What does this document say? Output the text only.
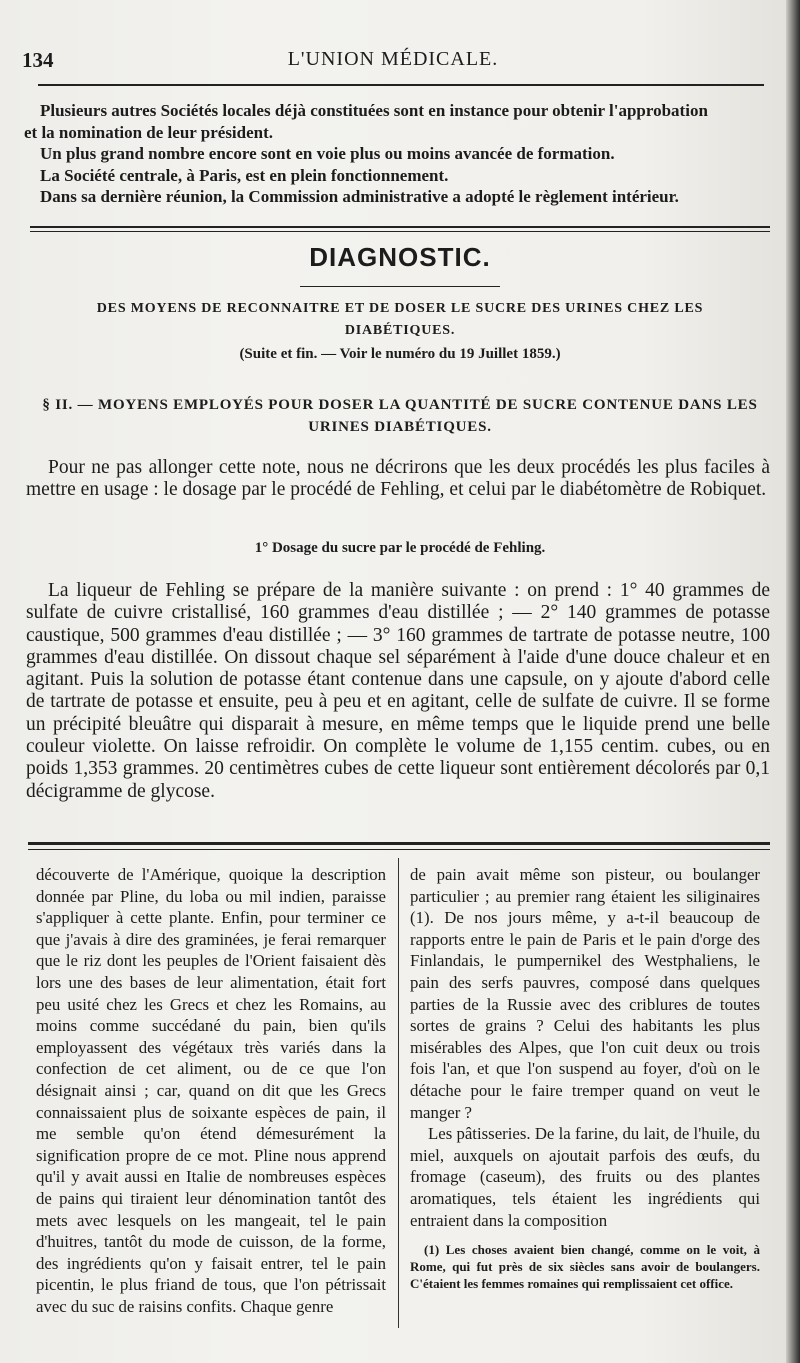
134	L'UNION MÉDICALE.

Plusieurs autres Sociétés locales déjà constituées sont en instance pour obtenir l'approbation

et la nomination de leur président.

Un plus grand nombre encore sont en voie plus ou moins avancée de formation.

La Société centrale, à Paris, est en plein fonctionnement.

Dans sa dernière réunion, la Commission administrative a adopté le règlement intérieur.

DIAGNOSTIC.
DES MOYENS DE RECONNAITRE ET DE DOSER LE SUCRE DES URINES CHEZ LES
DIABÉTIQUES.
(Suite et fin. — Voir le numéro du 19 Juillet 1859.)
§ II. — MOYENS EMPLOYÉS POUR DOSER LA QUANTITÉ DE SUCRE CONTENUE DANS LES
URINES DIABÉTIQUES.

Pour ne pas allonger cette note, nous ne décrirons que les deux procédés les plus faciles à mettre en usage : le dosage par le procédé de Fehling, et celui par le diabétomètre de Robiquet.

1° Dosage du sucre par le procédé de Fehling.

La liqueur de Fehling se prépare de la manière suivante : on prend : 1° 40 grammes de sulfate de cuivre cristallisé, 160 grammes d'eau distillée ; — 2° 140 grammes de potasse caustique, 500 grammes d'eau distillée ; — 3° 160 grammes de tartrate de potasse neutre, 100 grammes d'eau distillée. On dissout chaque sel séparément à l'aide d'une douce chaleur et en agitant. Puis la solution de potasse étant contenue dans une capsule, on y ajoute d'abord celle de tartrate de potasse et ensuite, peu à peu et en agitant, celle de sulfate de cuivre. Il se forme un précipité bleuâtre qui disparait à mesure, en même temps que le liquide prend une belle couleur violette. On laisse refroidir. On complète le volume de 1,155 centim. cubes, ou en poids 1,353 grammes. 20 centimètres cubes de cette liqueur sont entièrement décolorés par 0,1 décigramme de glycose.

découverte de l'Amérique, quoique la description donnée par Pline, du loba ou mil indien, paraisse s'appliquer à cette plante. Enfin, pour terminer ce que j'avais à dire des graminées, je ferai remarquer que le riz dont les peuples de l'Orient faisaient dès lors une des bases de leur alimentation, était fort peu usité chez les Grecs et chez les Romains, au moins comme succédané du pain, bien qu'ils employassent des végétaux très variés dans la confection de cet aliment, ou de ce que l'on désignait ainsi ; car, quand on dit que les Grecs connaissaient plus de soixante espèces de pain, il me semble qu'on étend démesurément la signification propre de ce mot. Pline nous apprend qu'il y avait aussi en Italie de nombreuses espèces de pains qui tiraient leur dénomination tantôt des mets avec lesquels on les mangeait, tel le pain d'huitres, tantôt du mode de cuisson, de la forme, des ingrédients qu'on y faisait entrer, tel le pain picentin, le plus friand de tous, que l'on pétrissait avec du suc de raisins confits. Chaque genre

de pain avait même son pisteur, ou boulanger particulier ; au premier rang étaient les siliginaires (1). De nos jours même, y a-t-il beaucoup de rapports entre le pain de Paris et le pain d'orge des Finlandais, le pumpernikel des Westphaliens, le pain des serfs pauvres, composé dans quelques parties de la Russie avec des criblures de toutes sortes de grains ? Celui des habitants les plus misérables des Alpes, que l'on cuit deux ou trois fois l'an, et que l'on suspend au foyer, d'où on le détache pour le faire tremper quand on veut le manger ?

Les pâtisseries. De la farine, du lait, de l'huile, du miel, auxquels on ajoutait parfois des œufs, du fromage (caseum), des fruits ou des plantes aromatiques, tels étaient les ingrédients qui entraient dans la composition

(1) Les choses avaient bien changé, comme on le voit, à Rome, qui fut près de six siècles sans avoir de boulangers. C'étaient les femmes romaines qui remplissaient cet office.
